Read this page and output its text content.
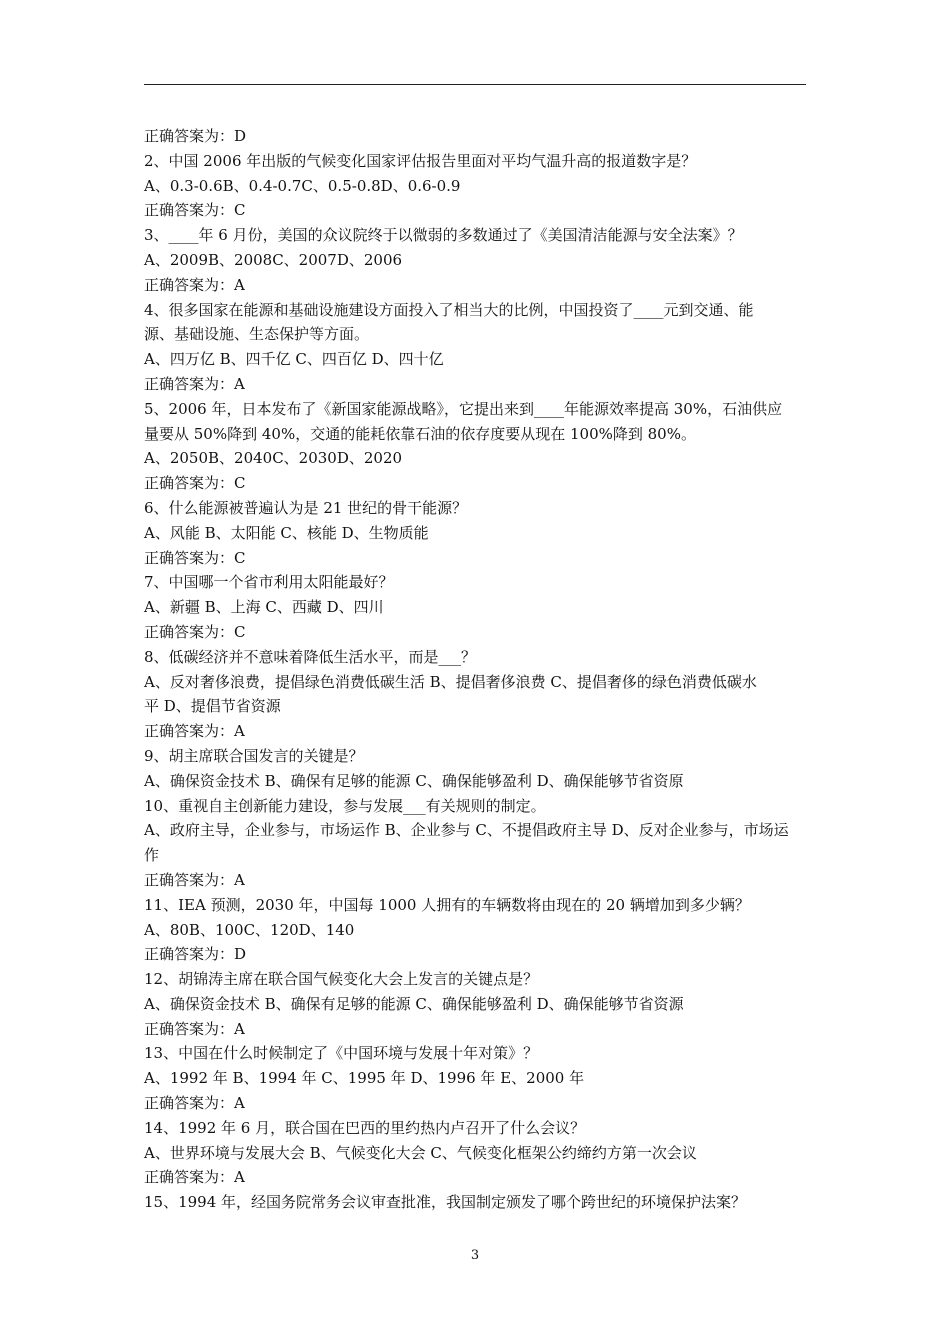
正确答案为：D
2、中国 2006 年出版的气候变化国家评估报告里面对平均气温升高的报道数字是？
A、0.3-0.6B、0.4-0.7C、0.5-0.8D、0.6-0.9
正确答案为：C
3、____年 6 月份，美国的众议院终于以微弱的多数通过了《美国清洁能源与安全法案》？
A、2009B、2008C、2007D、2006
正确答案为：A
4、很多国家在能源和基础设施建设方面投入了相当大的比例，中国投资了____元到交通、能
源、基础设施、生态保护等方面。
A、四万亿 B、四千亿 C、四百亿 D、四十亿
正确答案为：A
5、2006 年，日本发布了《新国家能源战略》，它提出来到____年能源效率提高 30%，石油供应
量要从 50%降到 40%，交通的能耗依靠石油的依存度要从现在 100%降到 80%。
A、2050B、2040C、2030D、2020
正确答案为：C
6、什么能源被普遍认为是 21 世纪的骨干能源？
A、风能 B、太阳能 C、核能 D、生物质能
正确答案为：C
7、中国哪一个省市利用太阳能最好？
A、新疆 B、上海 C、西藏 D、四川
正确答案为：C
8、低碳经济并不意味着降低生活水平，而是___？
A、反对奢侈浪费，提倡绿色消费低碳生活 B、提倡奢侈浪费 C、提倡奢侈的绿色消费低碳水
平 D、提倡节省资源
正确答案为：A
9、胡主席联合国发言的关键是？
A、确保资金技术 B、确保有足够的能源 C、确保能够盈利 D、确保能够节省资原
10、重视自主创新能力建设，参与发展___有关规则的制定。
A、政府主导，企业参与，市场运作 B、企业参与 C、不提倡政府主导 D、反对企业参与，市场运
作
正确答案为：A
11、IEA 预测，2030 年，中国每 1000 人拥有的车辆数将由现在的 20 辆增加到多少辆？
A、80B、100C、120D、140
正确答案为：D
12、胡锦涛主席在联合国气候变化大会上发言的关键点是？
A、确保资金技术 B、确保有足够的能源 C、确保能够盈利 D、确保能够节省资源
正确答案为：A
13、中国在什么时候制定了《中国环境与发展十年对策》？
A、1992 年 B、1994 年 C、1995 年 D、1996 年 E、2000 年
正确答案为：A
14、1992 年 6 月，联合国在巴西的里约热内卢召开了什么会议？
A、世界环境与发展大会 B、气候变化大会 C、气候变化框架公约缔约方第一次会议
正确答案为：A
15、1994 年，经国务院常务会议审查批准，我国制定颁发了哪个跨世纪的环境保护法案？
3
